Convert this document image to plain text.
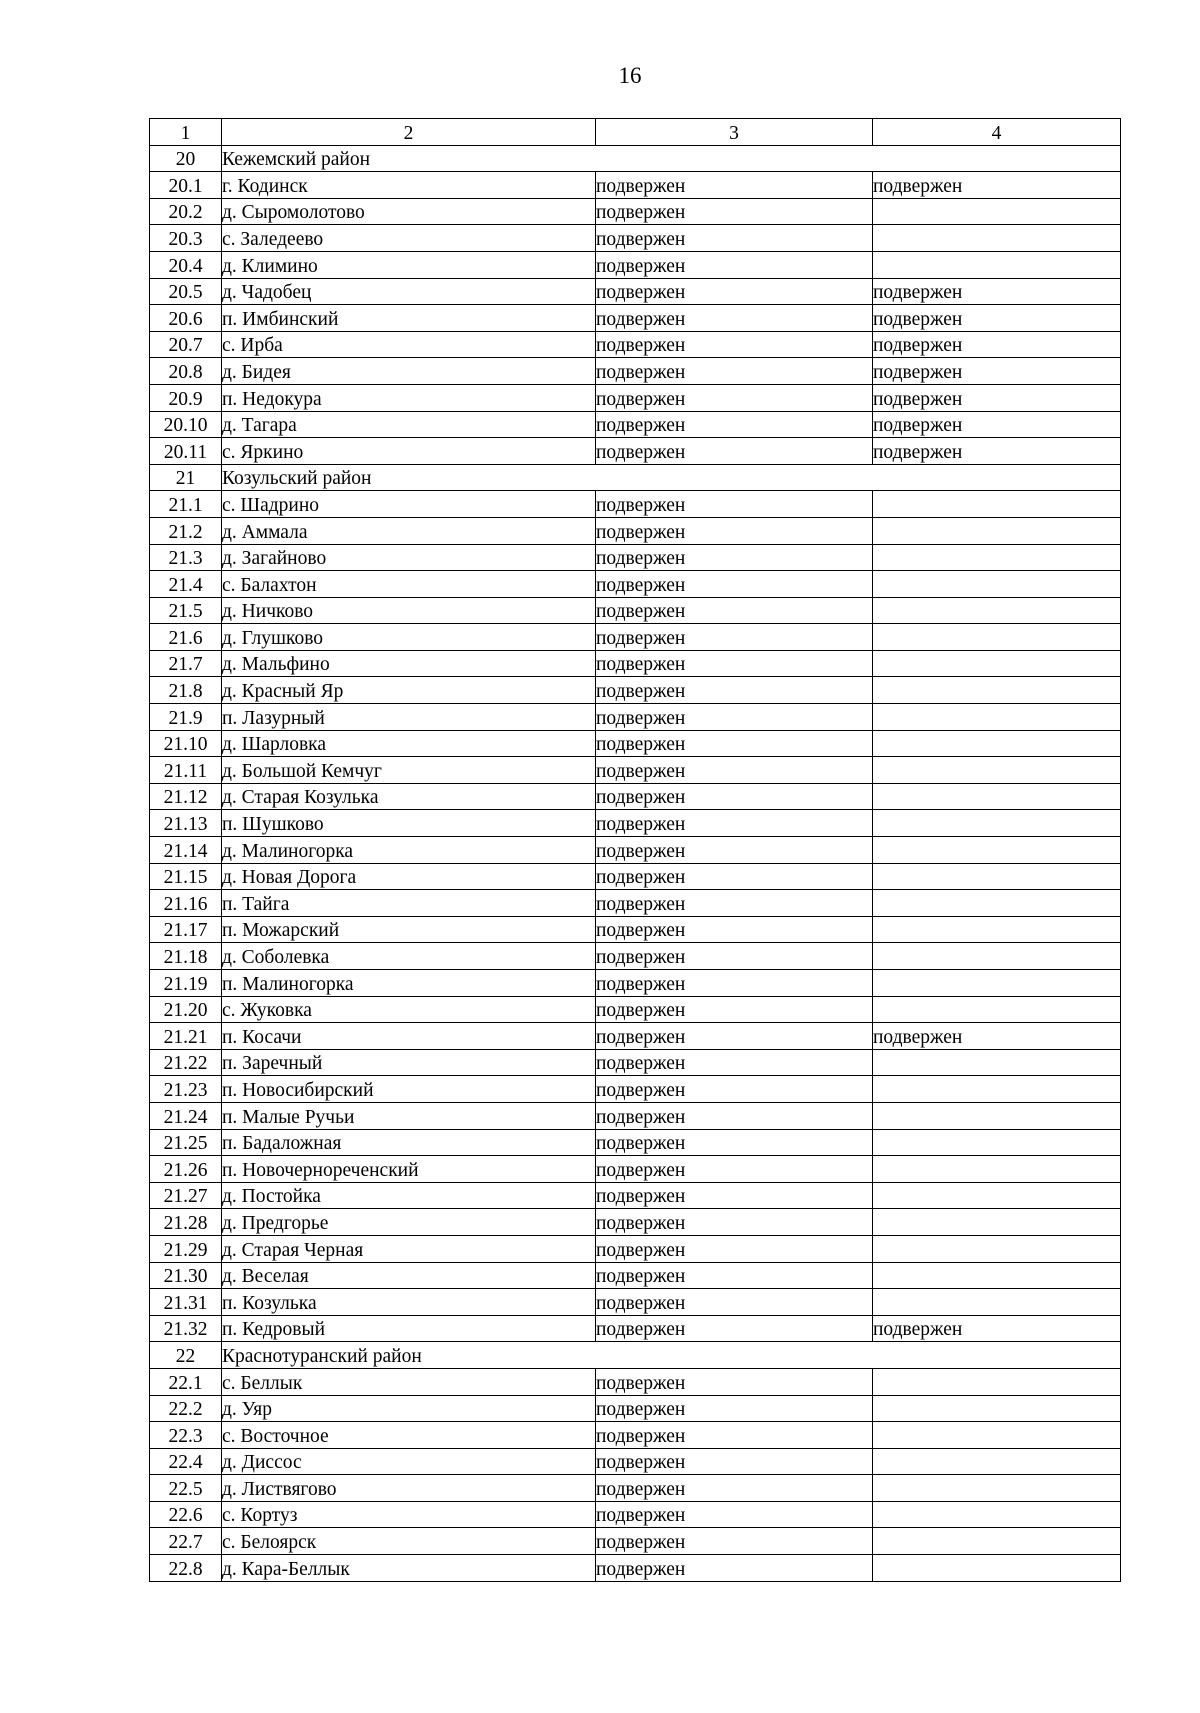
16
1	2	3	4
20	Кежемский район		
20.1	г. Кодинск	подвержен	подвержен
20.2	д. Сыромолотово	подвержен	
20.3	с. Заледеево	подвержен	
20.4	д. Климино	подвержен	
20.5	д. Чадобец	подвержен	подвержен
20.6	п. Имбинский	подвержен	подвержен
20.7	с. Ирба	подвержен	подвержен
20.8	д. Бидея	подвержен	подвержен
20.9	п. Недокура	подвержен	подвержен
20.10	д. Тагара	подвержен	подвержен
20.11	с. Яркино	подвержен	подвержен
21	Козульский район		
21.1	с. Шадрино	подвержен	
21.2	д. Аммала	подвержен	
21.3	д. Загайново	подвержен	
21.4	с. Балахтон	подвержен	
21.5	д. Ничково	подвержен	
21.6	д. Глушково	подвержен	
21.7	д. Мальфино	подвержен	
21.8	д. Красный Яр	подвержен	
21.9	п. Лазурный	подвержен	
21.10	д. Шарловка	подвержен	
21.11	д. Большой Кемчуг	подвержен	
21.12	д. Старая Козулька	подвержен	
21.13	п. Шушково	подвержен	
21.14	д. Малиногорка	подвержен	
21.15	д. Новая Дорога	подвержен	
21.16	п. Тайга	подвержен	
21.17	п. Можарский	подвержен	
21.18	д. Соболевка	подвержен	
21.19	п. Малиногорка	подвержен	
21.20	с. Жуковка	подвержен	
21.21	п. Косачи	подвержен	подвержен
21.22	п. Заречный	подвержен	
21.23	п. Новосибирский	подвержен	
21.24	п. Малые Ручьи	подвержен	
21.25	п. Бадаложная	подвержен	
21.26	п. Новочернореченский	подвержен	
21.27	д. Постойка	подвержен	
21.28	д. Предгорье	подвержен	
21.29	д. Старая Черная	подвержен	
21.30	д. Веселая	подвержен	
21.31	п. Козулька	подвержен	
21.32	п. Кедровый	подвержен	подвержен
22	Краснотуранский район		
22.1	с. Беллык	подвержен	
22.2	д. Уяр	подвержен	
22.3	с. Восточное	подвержен	
22.4	д. Диссос	подвержен	
22.5	д. Листвягово	подвержен	
22.6	с. Кортуз	подвержен	
22.7	с. Белоярск	подвержен	
22.8	д. Кара-Беллык	подвержен	
